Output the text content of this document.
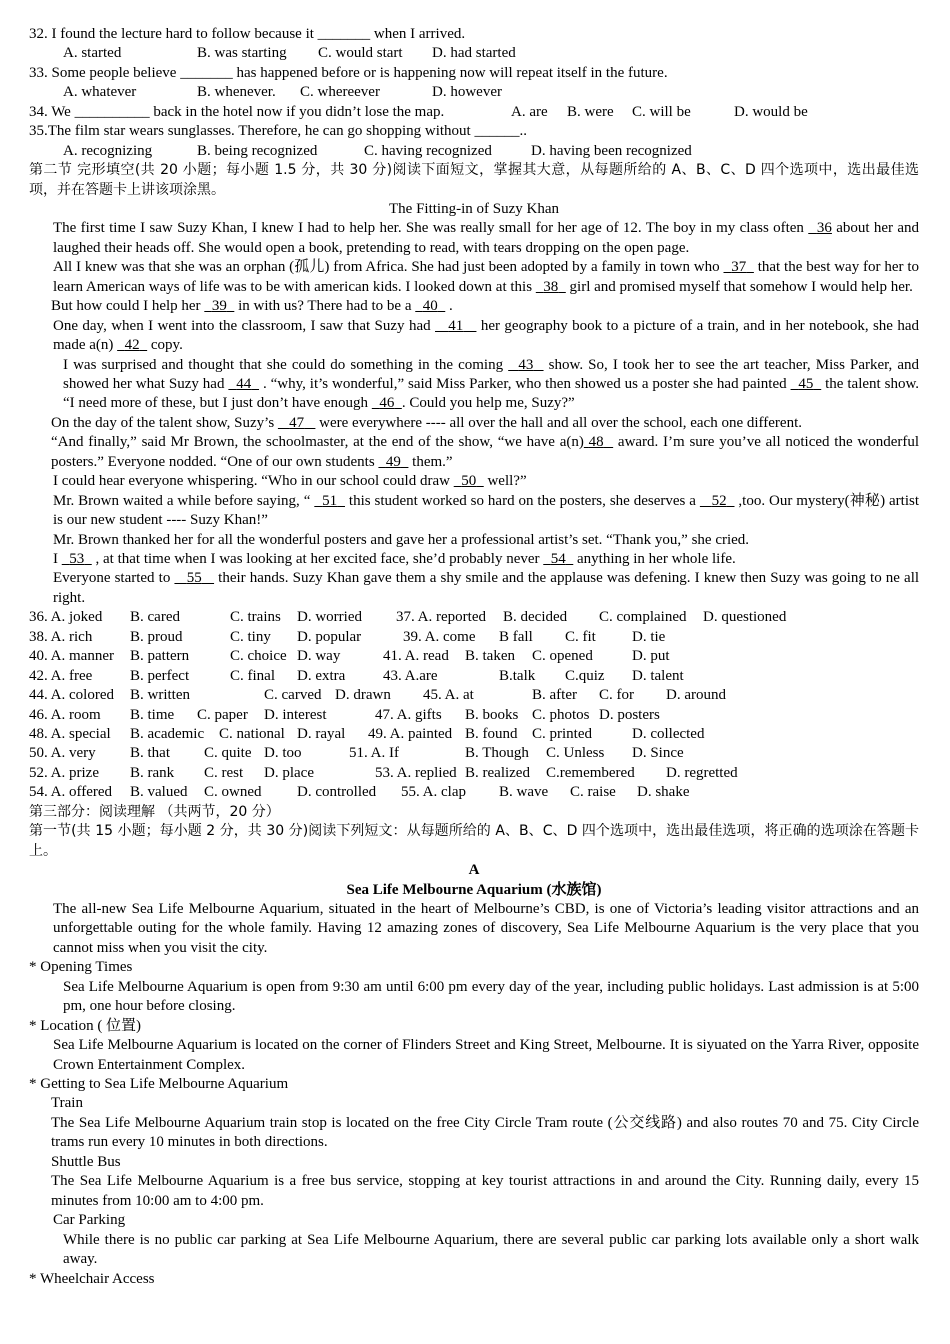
32. I found the lecture hard to follow because it _______ when I arrived.
A. started	B. was starting C. would start D. had started
33. Some people believe _______ has happened before or is happening now will repeat itself in the future.
A. whatever	B. whenever. C. whereever	D. however
34. We __________ back in the hotel now if you didn’t lose the map.	A. are B. were C. will be	D. would be
35.The film star wears sunglasses. Therefore, he can go shopping without ______..
A. recognizing	B. being recognized	C. having recognized	D. having been recognized
第二节 完形填空(共 20 小题；每小题 1.5 分，共 30 分)阅读下面短文，掌握其大意，从每题所给的 A、B、C、D 四个选项中，选出最佳选项，并在答题卡上讲该项涂黑。
The Fitting-in of Suzy Khan
The first time I saw Suzy Khan, I knew I had to help her. She was really small for her age of 12. The boy in my class often 36 about her and laughed their heads off. She would open a book, pretending to read, with tears dropping on the open page.
All I knew was that she was an orphan (孤儿) from Africa. She had just been adopted by a family in town who 37 that the best way for her to learn American ways of life was to be with american kids. I looked down at this 38 girl and promised myself that somehow I would help her.
But how could I help her 39 in with us? There had to be a 40 .
One day, when I went into the classroom, I saw that Suzy had 41 her geography book to a picture of a train, and in her notebook, she had made a(n) 42 copy.
I was surprised and thought that she could do something in the coming 43 show. So, I took her to see the art teacher, Miss Parker, and showed her what Suzy had 44 . “why, it’s wonderful,” said Miss Parker, who then showed us a poster she had painted 45 the talent show. “I need more of these, but I just don’t have enough 46 . Could you help me, Suzy?”
On the day of the talent show, Suzy’s 47 were everywhere ---- all over the hall and all over the school, each one different.
“And finally,” said Mr Brown, the schoolmaster, at the end of the show, “we have a(n) 48 award. I’m sure you’ve all noticed the wonderful posters.” Everyone nodded. “One of our own students 49 them.”
I could hear everyone whispering. “Who in our school could draw 50 well?”
Mr. Brown waited a while before saying, “ 51 this student worked so hard on the posters, she deserves a 52 ,too. Our mystery(神秘) artist is our new student ---- Suzy Khan!”
Mr. Brown thanked her for all the wonderful posters and gave her a professional artist’s set. “Thank you,” she cried.
I 53 , at that time when I was looking at her excited face, she’d probably never 54 anything in her whole life.
Everyone started to 55 their hands. Suzy Khan gave them a shy smile and the applause was defening. I knew then Suzy was going to ne all right.
36. A. joked B. cared	C. trains D. worried 37. A. reported B. decided C. complained D. questioned
38. A. rich	B. proud	C. tiny D. popular	39. A. come B fall C. fit D. tie
40. A. manner B. pattern	C. choice D. way	41. A. read B. taken C. opened	D. put
42. A. free	B. perfect	C. final D. extra	43. A.are	B.talk C.quiz D. talent
44. A. colored B. written	C. carved D. drawn 45. A. at	B. after C. for D. around
46. A. room B. time C. paper D. interest	47. A. gifts B. books C. photos D. posters
48. A. special B. academic C. national D. rayal 49. A. painted B. found C. printed	D. collected
50. A. very B. that C. quite D. too	51. A. If	B. Though C. Unless D. Since
52. A. prize B. rank C. rest D. place	53. A. replied B. realized C.remembered D. regretted
54. A. offered B. valued C. owned D. controlled 55. A. clap B. wave C. raise D. shake
第三部分：阅读理解 （共两节，20 分）
第一节(共 15 小题；每小题 2 分，共 30 分)阅读下列短文：从每题所给的 A、B、C、D 四个选项中，选出最佳选项，将正确的选项涂在答题卡上。
A
Sea Life Melbourne Aquarium (水族馆)
The all-new Sea Life Melbourne Aquarium, situated in the heart of Melbourne’s CBD, is one of Victoria’s leading visitor attractions and an unforgettable outing for the whole family. Having 12 amazing zones of discovery, Sea Life Melbourne Aquarium is the very place that you cannot miss when you visit the city.
* Opening Times
Sea Life Melbourne Aquarium is open from 9:30 am until 6:00 pm every day of the year, including public holidays. Last admission is at 5:00 pm, one hour before closing.
* Location ( 位置)
Sea Life Melbourne Aquarium is located on the corner of Flinders Street and King Street, Melbourne. It is siyuated on the Yarra River, opposite Crown Entertainment Complex.
* Getting to Sea Life Melbourne Aquarium
Train
The Sea Life Melbourne Aquarium train stop is located on the free City Circle Tram route (公交线路) and also routes 70 and 75. City Circle trams run every 10 minutes in both directions.
Shuttle Bus
The Sea Life Melbourne Aquarium is a free bus service, stopping at key tourist attractions in and around the City. Running daily, every 15 minutes from 10:00 am to 4:00 pm.
Car Parking
While there is no public car parking at Sea Life Melbourne Aquarium, there are several public car parking lots available only a short walk away.
* Wheelchair Access
